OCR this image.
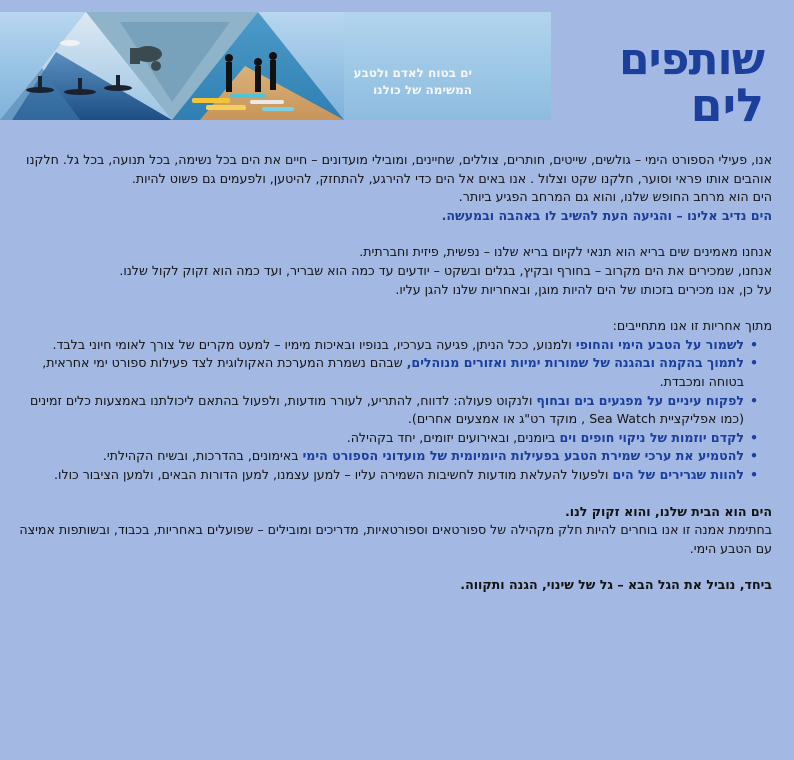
ים בטוח לאדם ולטבע
המשימה של כולנו
שותפים
לים

אנו, פעילי הספורט הימי – גולשים, שייטים, חותרים, צוללים, שחיינים, ומובילי מועדונים – חיים את הים בכל נשימה, בכל תנועה, בכל גל. חלקנו אוהבים אותו פראי וסוער, חלקנו שקט וצלול . אנו באים אל הים כדי להירגע, להתחזק, להיטען, ולפעמים גם פשוט להיות.

הים הוא מרחב החופש שלנו, והוא גם המרחב הפגיע ביותר.

הים נדיב אלינו – והגיעה העת להשיב לו באהבה ובמעשה.

אנחנו מאמינים שים בריא הוא תנאי לקיום בריא שלנו – נפשית, פיזית וחברתית.

אנחנו, שמכירים את הים מקרוב – בחורף ובקיץ, בגלים ובשקט – יודעים עד כמה הוא שבריר, ועד כמה הוא זקוק לקול שלנו.

על כן, אנו מכירים בזכותו של הים להיות מוגן, ובאחריות שלנו להגן עליו.

מתוך אחריות זו אנו מתחייבים:

•
לשמור על הטבע הימי והחופי ולמנוע, ככל הניתן, פגיעה בערכיו, בנופיו ובאיכות מימיו – למעט מקרים של צורך לאומי חיוני בלבד.
•
לתמוך בהקמה ובהגנה של שמורות ימיות ואזורים מנוהלים, שבהם נשמרת המערכת האקולוגית לצד פעילות ספורט ימי אחראית, בטוחה ומכבדת.
•
לפקוח עיניים על מפגעים בים ובחוף ולנקוט פעולה: לדווח, להתריע, לעורר מודעות, ולפעול בהתאם ליכולתנו באמצעות כלים זמינים (כמו אפליקציית Sea Watch , מוקד רט"ג או אמצעים אחרים).
•
לקדם יוזמות של ניקוי חופים וים ביומנים, ובאירועים יזומים, יחד בקהילה.
•
להטמיע את ערכי שמירת הטבע בפעילות היומיומית של מועדוני הספורט הימי באימונים, בהדרכות, ובשיח הקהילתי.
•
להוות שגרירים של הים ולפעול להעלאת מודעות לחשיבות השמירה עליו – למען עצמנו, למען הדורות הבאים, ולמען הציבור כולו.

הים הוא הבית שלנו, והוא זקוק לנו.

בחתימת אמנה זו אנו בוחרים להיות חלק מקהילה של ספורטאים וספורטאיות, מדריכים ומובילים – שפועלים באחריות, בכבוד, ובשותפות אמיצה עם הטבע הימי.

ביחד, נוביל את הגל הבא – גל של שינוי, הגנה ותקווה.
